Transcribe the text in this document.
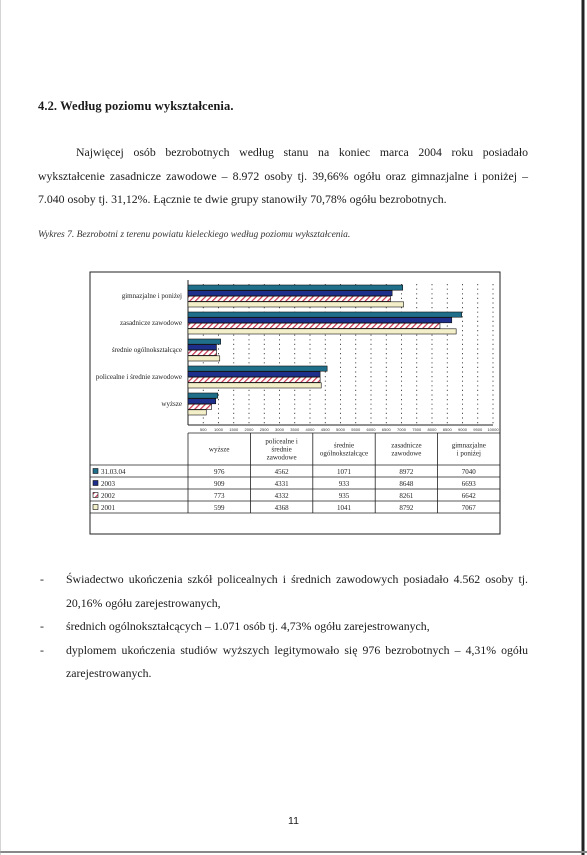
4.2. Według poziomu wykształcenia.
Najwięcej osób bezrobotnych według stanu na koniec marca 2004 roku posiadało wykształcenie zasadnicze zawodowe – 8.972 osoby tj. 39,66% ogółu oraz gimnazjalne i poniżej – 7.040 osoby tj. 31,12%. Łącznie te dwie grupy stanowiły 70,78% ogółu bezrobotnych.
Wykres 7. Bezrobotni z terenu powiatu kieleckiego według poziomu wykształcenia.
gimnazjalne i poniżej
zasadnicze zawodowe
średnie ogólnokształcące
policealne i średnie zawodowe
wyższe
500 1000 1500 2000 2500 3000 3500 4000 4500 5000 5500 6000 6500 7000 7500 8000 8500 9000 9500 10000
wyższe
policealne i średnie zawodowe
średnie ogólnokształcące
zasadnicze zawodowe
gimnazjalne i poniżej
31.03.04	976	4562	1071	8972	7040
2003	909	4331	933	8648	6693
2002	773	4332	935	8261	6642
2001	599	4368	1041	8792	7067
-	Świadectwo ukończenia szkół policealnych i średnich zawodowych posiadało 4.562 osoby tj. 20,16% ogółu zarejestrowanych,
-	średnich ogólnokształcących – 1.071 osób tj. 4,73% ogółu zarejestrowanych,
-	dyplomem ukończenia studiów wyższych legitymowało się 976 bezrobotnych – 4,31% ogółu zarejestrowanych.
11
